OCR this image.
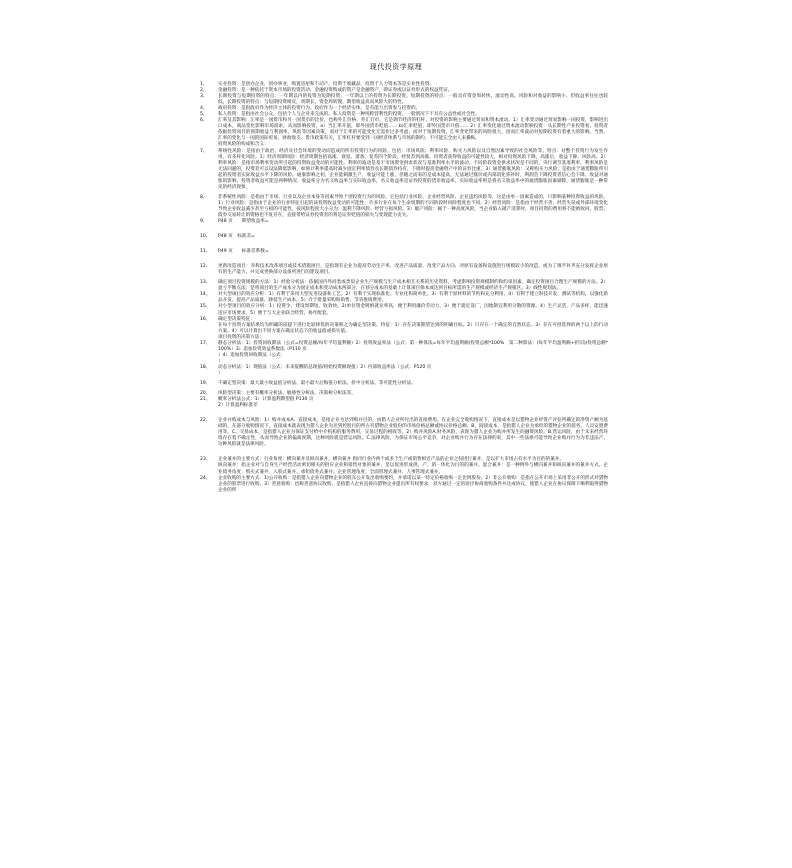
现代投资学原理
1、	实业投资：是创办企业，创办事业，购置房屋和不动产，投资于收藏品，投资于人力资本等是实业性投资。
2、	金融投资：是一种依托于资本市场的投资活动，金融投资购成的资产是金融资产，即证券或以证券形式的权益凭证。
3、	长期投资与短期投资的特点：一年期以内的投资为短期投资，一年期以上的投资为长期投资。短期投资的特点：一般具有资金周转快、流动性高、风险和对收益的影响小、但收益率往往也较低。长期投资的特点：与短期投资相反，周期长、资金周转慢、期望收益高而风险大的特性。
4、	政府投资：是指政府作为经济主体的投资行为。政府作为一个经济实体，是有能力出资参与投资的。
5、	私人投资：是指由社会公众，包括个人与企业来完成的。私人投资是一种纯粹营利性的投资，一般情况下不具有公益性或社会性。
6、	汇率及其影响：汇率是一国货币和另一国货币的比价，也称外汇价格、外汇行市，它是调节经济的杠杆，对投资的影响主要通过贸易和资本流动。1）汇率变动通过贸易影响一国投资，影响进出口成本，商品变化影响市场需求，从而影响投资，a）当汇率升值，即外国货币贬值…… b)汇率贬值，即外国货币升值…… 2）汇率变化通过资本流动影响投资：从长期性产业投资看，投资者依据投资项目的预期收益与利润率、风险等因素决策，而对于汇率的可能变化无需作过多考虑，而对于短期投资，汇率变化带来的风险很大，因而汇率波动对短期投资有着重大的影响。当然，汇率的变化与一国的国际贸易、财政收支、货币政策有关，汇率杠杆要受到一国经济体系与市场的制约，不可能完全由人来操纵。
投资风险的构成和含义：
7、	系统性风险：是指由于政治、经济及社会环境的变动而造成的所有投资行为的风险。包括：市场风险、利率风险、购买力风险以及自然因素导致的社会风险等。特点：对整个投资行为发生作用，有多样化风险。1）经济周期风险：经济周期包括高涨、衰退、萧条、复苏四个阶段，经复苏到高涨，投资者获得收益的可能性较大，相对投资风险下降，高涨后，收益下降，风险高。2）利率风险：是指市场利率变动所引起的投资收益变动的可能性。利率的波动是基于市场资金供求状况与基准利率水平的波动。不同阶段资金供求状况是不同的，央行调节基准利率，利率风险是无法回避的，投资者可以设法降低影响，如预计利率提高时减少固定利率债券及长期债券持有，下降时提高金融资产中的证券比重。3）通货膨胀风险：又称购买力风险，是指由于通货膨胀所引起的投资者实际收益水平下降的风险。通胀影响之初，企业能刺激生产，收益可能上涨，但随之而来的是成本提高，无法通过涨价或内部消化弥补时，利润会下降投资者信心会下降，收益对通胀的影响，投资者收益可能是两种情况，收益率分为名义收益率与实际收益率，名义收益率是证券投资的货币收益率，实际收益率则是将名义收益率中的通货膨胀因素剔除，通货膨胀是一种常见的经济现象。
8、	非系统性风险：是指由于市场、行业以及企业本身等因素导致个别投资行为的风险。它包括行业风险、企业经营风险、企业违约风险等，这是由单一因素造成的，只影响某种投资收益的风险。1）行业风险：是指由于企业的行业特征引起的该投资收益变动的可能性，许多行业在每个生命周期的不同阶段时风险程度也不同。2）经营风险：是指由于经营不善，经营失误或外部环境变化导致企业收益减少甚至亏损的可能性，按风险程度大小分为：盈利下降风险、经营亏损风险。3）破产风险：属于一种高度风险，当企业陷入破产清算时，项目投资的费用将不能被收回，股票、债券交易转让的资格也不复存在，直接带给证券投资者的将是证券贬值的损失与变现能力丧失。
9、	P48 页　　期望收益率=
10、	P48 页　标准差=
11、	P49 页　　标准差系数=
12、	更新改造项目：赤称技术改革项目或技术措施项目，是指现有企业为提高劳动生产率、改进产品质量、改变产品方向、对原有设备和设施进行规模较小的改造，或为了填平补齐充分发挥企业原有的生产能力，并完成更换部分设备所进行的建设项目。
13、	确定项目投资规模的方法：1）经验分析法：依据国内外同类或类似企业生产规模与生产成本相互关系的历史资料，考虑影响投资规模制约和约束因素，确定投资项目合理生产规模的方法。2）盈亏平衡点法：是将项目的生产成本分为固定成本和变动成本两部分，在划分成本的基础上计算项目保本或达到目标所需的生产规模或经济生产规模区。3）线性规划法。
14、	对大型项目的效应分析：1）有利于采用大型先进设备和工艺。2）有利于实现标准化、专业化和简单化。3）有利于原材料的节约和充分利用。4）有利于建立科技开发、测试等机构，以强化新品开发，提高产品质量、降低生产成本。5）介于批量采购和销售，节省推销费用。
15、	对小型项目的效应分析：1）投资少，建设周期短，收效快。2)单位资金吸纳就业率高，便于利用廉价劳动力。3）便于就近设厂，因地制宜利用分散的资源。4）生产灵活，产品多样，能迅速适应市场要求。5）便于与大企业联合经营、协作配套。
16、	确定型决策特征：
在每个投资方案结果均为明确的前提下进行比较择优的决策称之为确定型决策。特征：1）存在决策期望达到的明确目标。2）只存在一个确定的自然状态。3）存在可供选择的两个以上的行动方案。4）可以计算出不同方案在确定状态下的收益值或损失值。
项目投资的决策方法：
17、	静态分析法：1）投资回收期法（公式=投资总额/每年平均盈利额）2）投资收益率法（公式：第一种算法=每年平均盈利额/投资总额*100%　第二种算法：(每年平均盈利额+折旧)/投资总额*100%）3）追加投资效益系数法（P110 页
）4）追加投资回收期法（公式：
）
18、	动态分析法：1）现值法（公式：未来报酬的总现值/初始投资额现值）2）内部收益率法（公式：P120 页
）
19、	不确定型决策：最大最小收益值分析法、最小最大后悔值分析法、折中分析法、等可能性分析法。
20、	风险型决策：主要有概率分析法、敏感性分析法、决策树分析法等。
21、	概率分析法公式：1）计算盈利期望值 P130 页
2）计算盈利标准差
22、	企业并购成本与风险：1）购并成本A、直接成本，是指企业为达到购并目的，由猎人企业所付出的直接费用。在企业完全收购情况下，直接成本是以猎物企业经资产评估所确定的净资产额为基础的，在部分收购情况下，直接成本就表现为猎人企业为达到控股目的所占有猎物企业股份的市场价格总额或协议价格总额。B、间接成本，是指猎人企业为承担的猎物企业的债务，人员安置费用等。C、交易成本，是指猎人企业为保证支付给中介机构的服务费用，交易过程的税收等。2）购并风险A.财务风险，表现为猎人企业为购并所发生的融资风险。B.营运风险，由于未来经营环境存在着不确定性，从而导致企业的偏离预期，这种风险就是营运风险。C.法律风险，为保证市场公平竞争，对企业购并行为存在法律约束，其中一些法律可能导致企业购并行为为非违法产，这种风险就是法律风险。
23、	企业兼并的主要方式：行业角度：横向兼并及纵向兼并，横向兼并 指同行业内两个或多个生产或销售相近产品的企业之间进行兼并，是以扩大市场占有水平为目的的兼并。
纵向兼并：指企业对与自身生产经营活动密切相关的供应企业和销售对象的兼并，是以促进形成供、产、销一体化为目的的兼并。混合兼并：是一种例外与横向兼并和纵向兼并的兼并方式。企业债务角度：购买式兼并，入股式兼并、承担债务式兼并；企业管理角度：全面管理式兼并、人事管理式兼并。
24、	企业收购的主要方式：1)公开收购：是指猎人企业向猎物企业的股东公开发出收购要约，并承诺以某一特定价格收购一定比例股份。2）非公开收购：是指在公开市场上采用非公开的形式对猎物企业的股票进行收购。3）善意收购：也称善意协议收购，是指猎人企业直接向猎物企业提出所有权要求，双方通过一定的途径协商收购条件并达成协议，使猎人企业在协议保障下顺利取得猎物企业的所
